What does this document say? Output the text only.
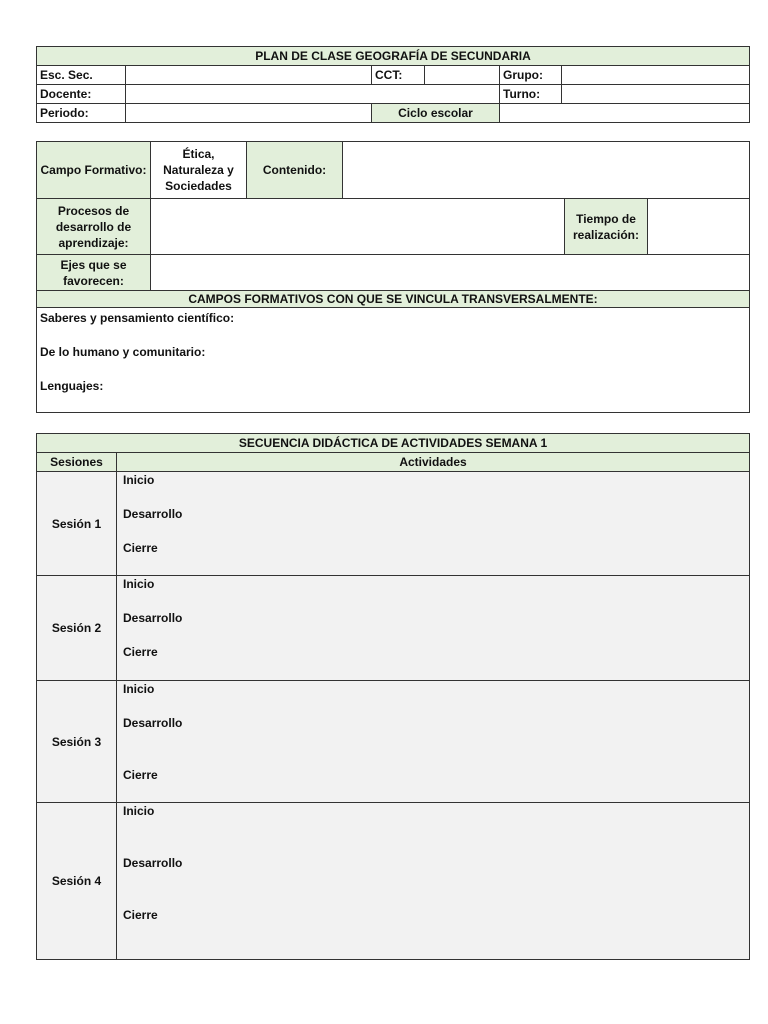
PLAN DE CLASE GEOGRAFÍA DE SECUNDARIA					
Esc. Sec.		CCT:		Grupo:	
Docente:				Turno:	
Periodo:		Ciclo escolar			
Campo Formativo:	Ética, Naturaleza y Sociedades	Contenido:			
Procesos de desarrollo de aprendizaje:				Tiempo de realización:	
Ejes que se favorecen:					
CAMPOS FORMATIVOS CON QUE SE VINCULA TRANSVERSALMENTE:					

Saberes y pensamiento científico:
De lo humano y comunitario:
Lenguajes:					
SECUENCIA DIDÁCTICA DE ACTIVIDADES SEMANA 1	
Sesiones	Actividades
Sesión 1	Inicio
Desarrollo
Cierre

Sesión 2	Inicio
Desarrollo
Cierre

Sesión 3	Inicio
Desarrollo
Cierre

Sesión 4	Inicio
Desarrollo
Cierre
